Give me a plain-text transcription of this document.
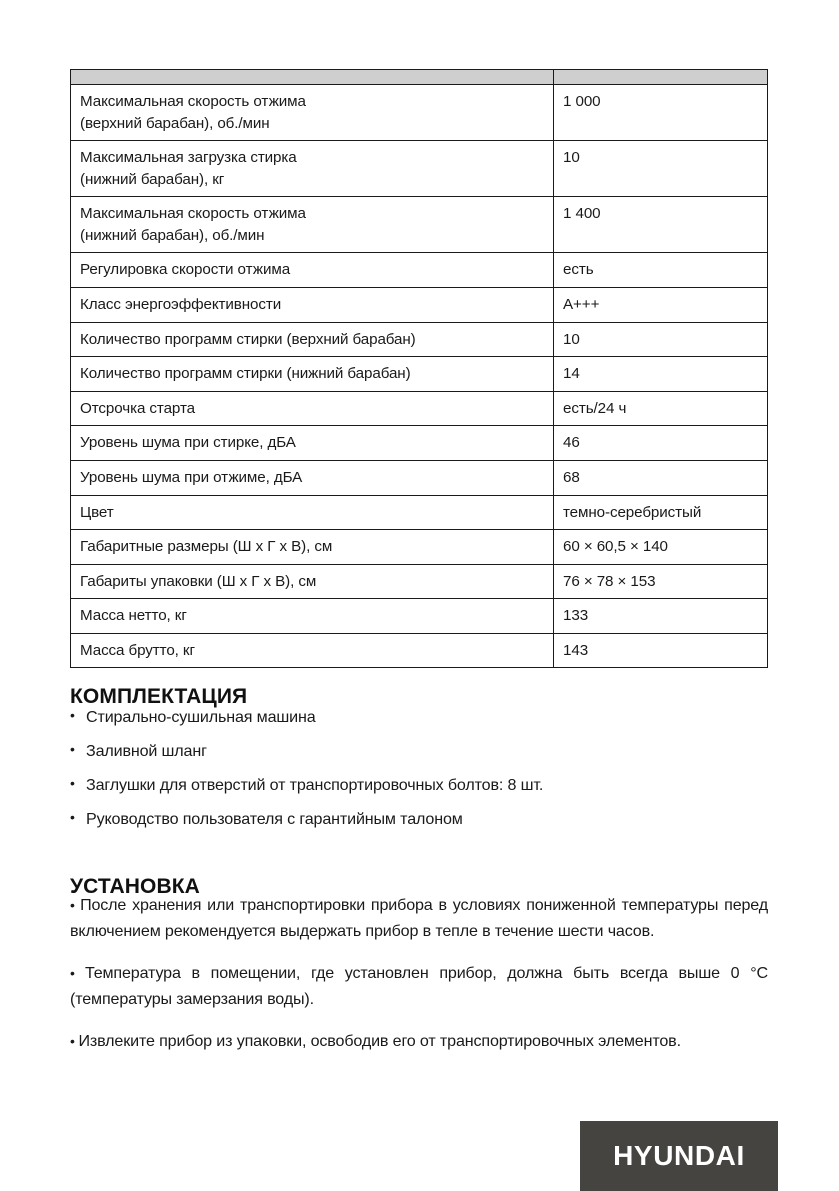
Максимальная скорость отжима
(верхний барабан), об./мин	1 000
Максимальная загрузка стирка
(нижний барабан), кг	10
Максимальная скорость отжима
(нижний барабан), об./мин	1 400
Регулировка скорости отжима	есть
Класс энергоэффективности	A+++
Количество программ стирки (верхний барабан)	10
Количество программ стирки (нижний барабан)	14
Отсрочка старта	есть/24 ч
Уровень шума при стирке, дБА	46
Уровень шума при отжиме, дБА	68
Цвет	темно-серебристый
Габаритные размеры (Ш x Г х В), см	60 × 60,5 × 140
Габариты упаковки (Ш x Г х В), см	76 × 78 × 153
Масса нетто, кг	133
Масса брутто, кг	143
КОМПЛЕКТАЦИЯ
• Стирально-сушильная машина
• Заливной шланг
• Заглушки для отверстий от транспортировочных болтов: 8 шт.
• Руководство пользователя с гарантийным талоном
УСТАНОВКА

• После хранения или транспортировки прибора в условиях пониженной температуры перед включением рекомендуется выдержать прибор в тепле в течение шести часов.

• Температура в помещении, где установлен прибор, должна быть всегда выше 0 °C (температуры замерзания воды).

• Извлеките прибор из упаковки, освободив его от транспортировочных элементов.

HYUNDAI
